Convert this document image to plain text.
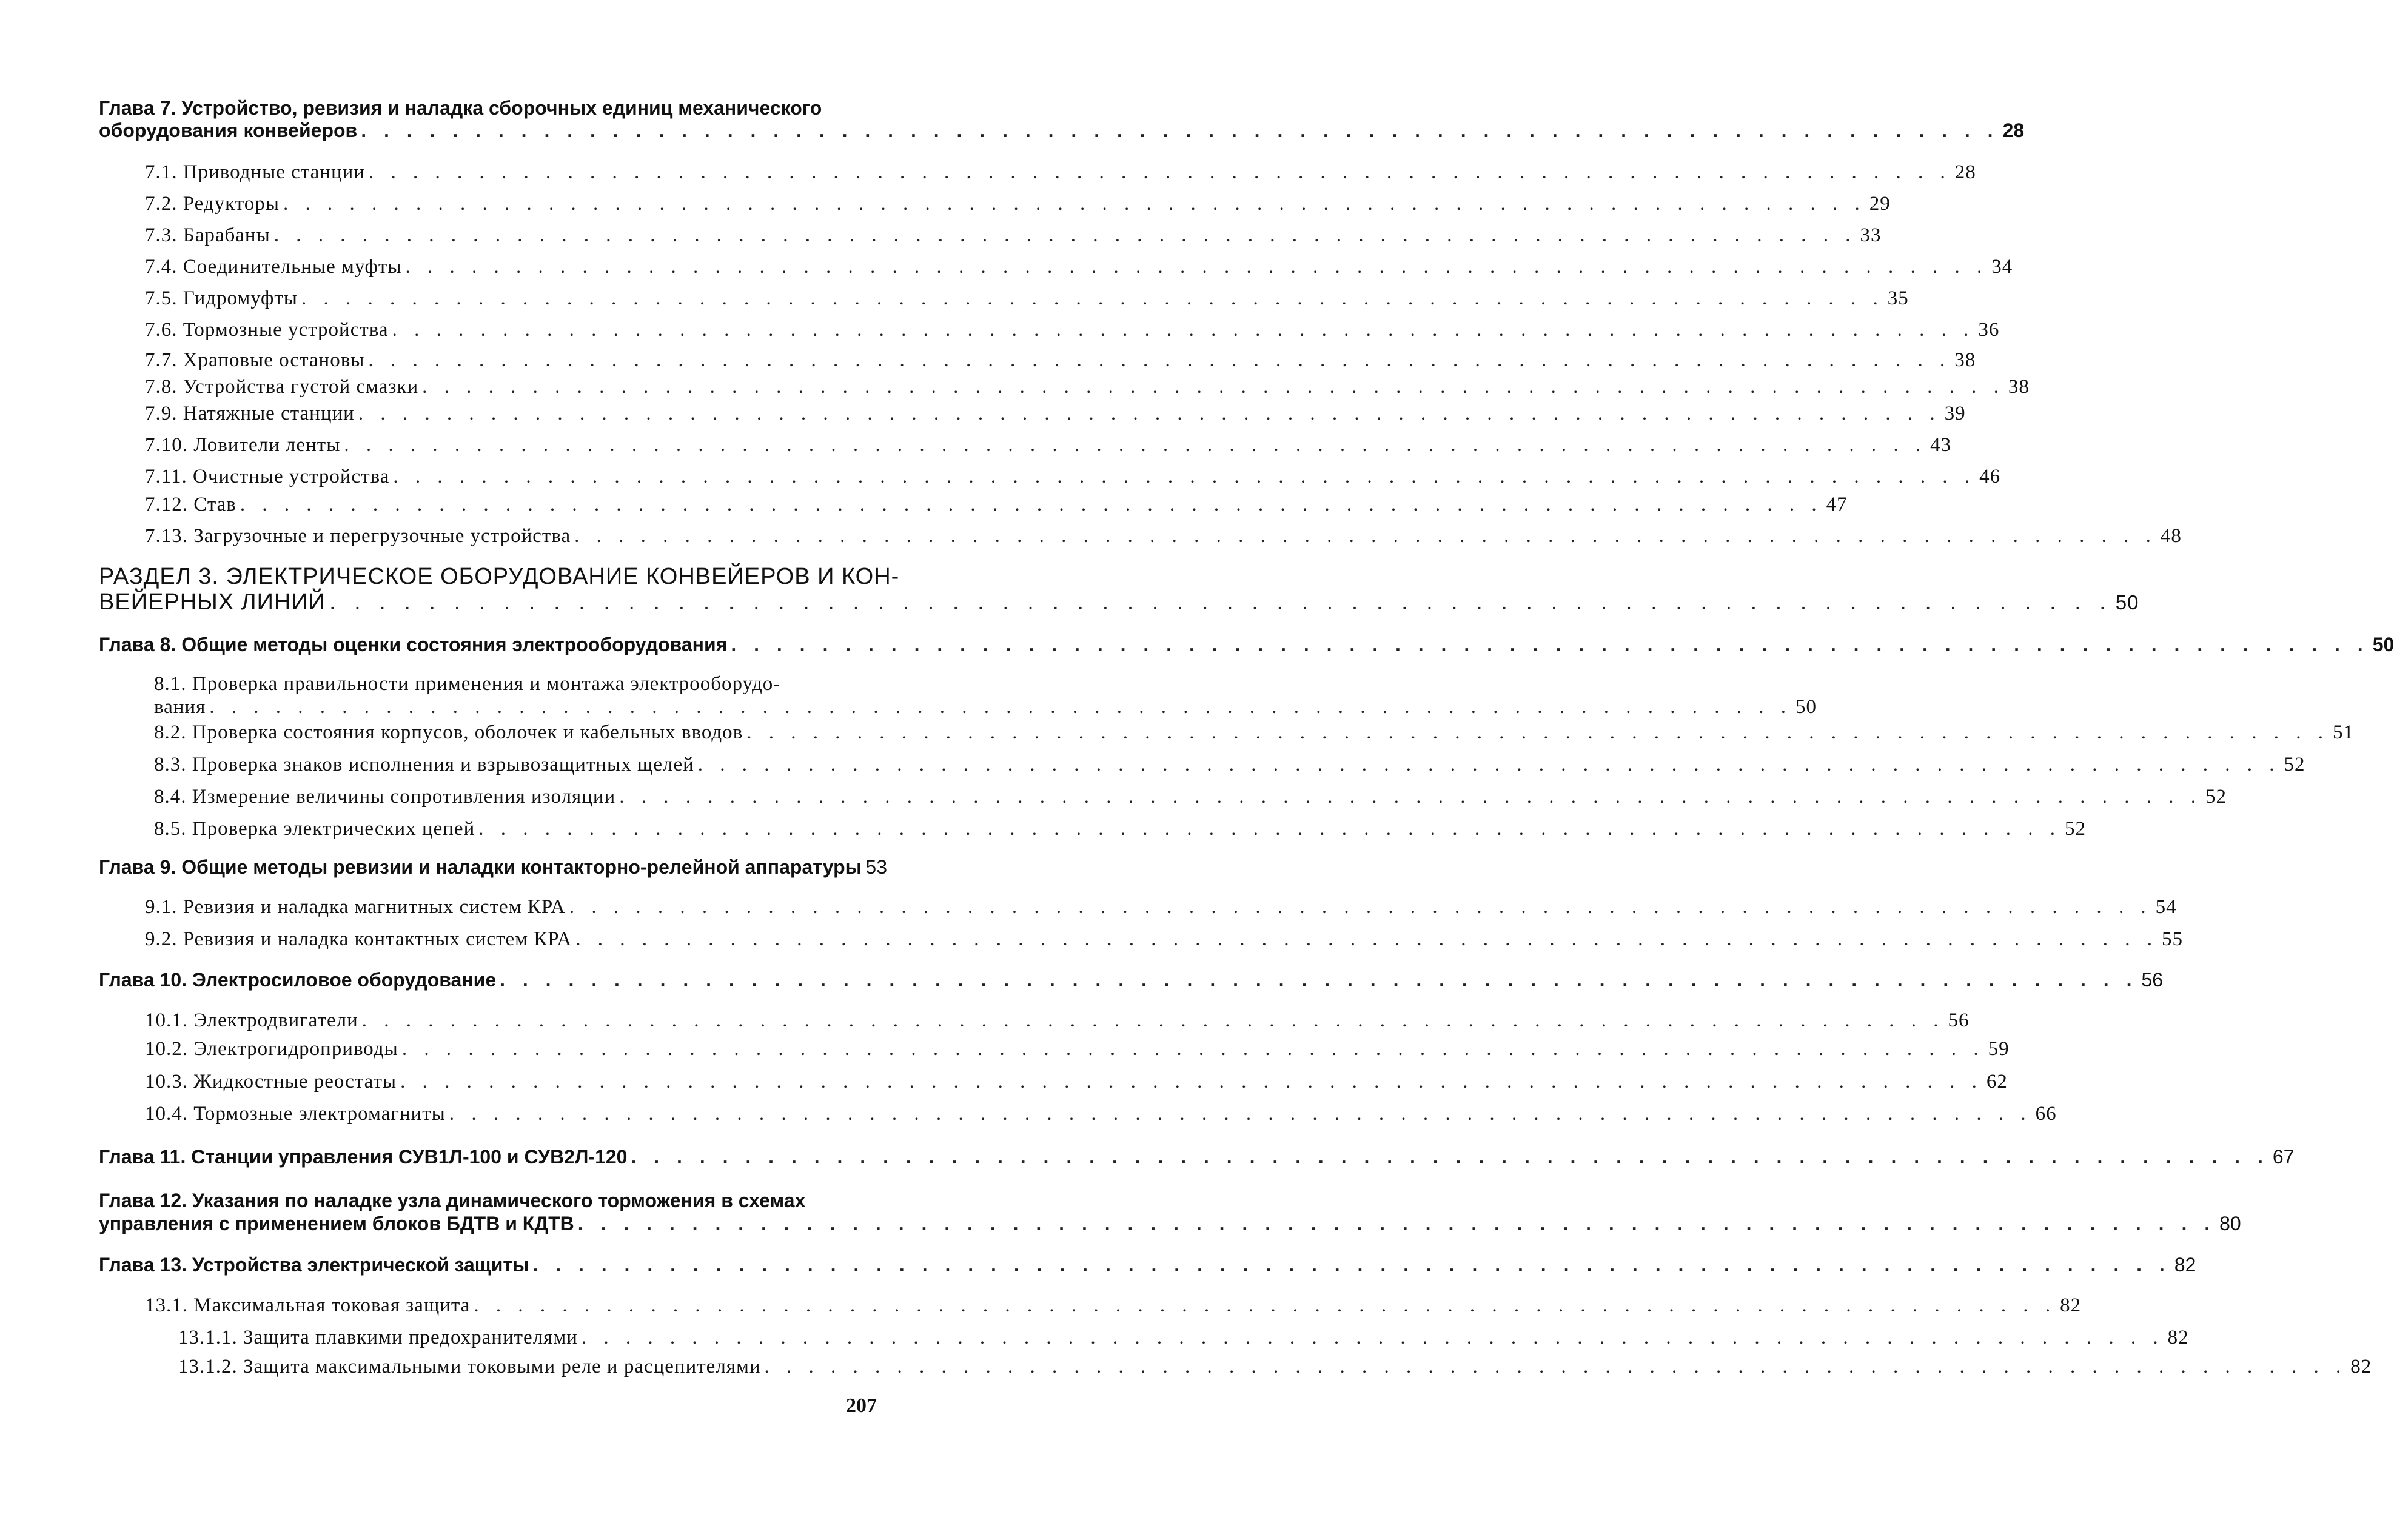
Глава 7. Устройство, ревизия и наладка сборочных единиц механического
оборудования конвейеров . . . . . . . . . . . . . . . . . . . . . . . . . . . . . . . . . . . . . . . . . . . . . . . . . . . . . . . . . . . . . . . . . . . . . . . . 28
7.1. Приводные станции . . . . . . . . . . . . . . . . . . . . . . . . . . . . . . . . . . . . . . . . . . . . . . . . . . . . . . . . . . . . . . . . . . . . . . . . 28
7.2. Редукторы . . . . . . . . . . . . . . . . . . . . . . . . . . . . . . . . . . . . . . . . . . . . . . . . . . . . . . . . . . . . . . . . . . . . . . . . 29
7.3. Барабаны . . . . . . . . . . . . . . . . . . . . . . . . . . . . . . . . . . . . . . . . . . . . . . . . . . . . . . . . . . . . . . . . . . . . . . . . 33
7.4. Соединительные муфты . . . . . . . . . . . . . . . . . . . . . . . . . . . . . . . . . . . . . . . . . . . . . . . . . . . . . . . . . . . . . . . . . . . . . . . . 34
7.5. Гидромуфты . . . . . . . . . . . . . . . . . . . . . . . . . . . . . . . . . . . . . . . . . . . . . . . . . . . . . . . . . . . . . . . . . . . . . . . . 35
7.6. Тормозные устройства . . . . . . . . . . . . . . . . . . . . . . . . . . . . . . . . . . . . . . . . . . . . . . . . . . . . . . . . . . . . . . . . . . . . . . . . 36
7.7. Храповые остановы . . . . . . . . . . . . . . . . . . . . . . . . . . . . . . . . . . . . . . . . . . . . . . . . . . . . . . . . . . . . . . . . . . . . . . . . 38
7.8. Устройства густой смазки . . . . . . . . . . . . . . . . . . . . . . . . . . . . . . . . . . . . . . . . . . . . . . . . . . . . . . . . . . . . . . . . . . . . . . . . 38
7.9. Натяжные станции . . . . . . . . . . . . . . . . . . . . . . . . . . . . . . . . . . . . . . . . . . . . . . . . . . . . . . . . . . . . . . . . . . . . . . . . 39
7.10. Ловители ленты . . . . . . . . . . . . . . . . . . . . . . . . . . . . . . . . . . . . . . . . . . . . . . . . . . . . . . . . . . . . . . . . . . . . . . . . 43
7.11. Очистные устройства . . . . . . . . . . . . . . . . . . . . . . . . . . . . . . . . . . . . . . . . . . . . . . . . . . . . . . . . . . . . . . . . . . . . . . . . 46
7.12. Став . . . . . . . . . . . . . . . . . . . . . . . . . . . . . . . . . . . . . . . . . . . . . . . . . . . . . . . . . . . . . . . . . . . . . . . . 47
7.13. Загрузочные и перегрузочные устройства . . . . . . . . . . . . . . . . . . . . . . . . . . . . . . . . . . . . . . . . . . . . . . . . . . . . . . . . . . . . . . . . . . . . . . . . 48
РАЗДЕЛ 3. ЭЛЕКТРИЧЕСКОЕ ОБОРУДОВАНИЕ КОНВЕЙЕРОВ И КОН-
ВЕЙЕРНЫХ ЛИНИЙ . . . . . . . . . . . . . . . . . . . . . . . . . . . . . . . . . . . . . . . . . . . . . . . . . . . . . . . . . . . . . . . . . . . . . . . . 50
Глава 8. Общие методы оценки состояния электрооборудования . . . . . . . . . . . . . . . . . . . . . . . . . . . . . . . . . . . . . . . . . . . . . . . . . . . . . . . . . . . . . . . . . . . . . . . . 50
8.1. Проверка правильности применения и монтажа электрооборудо-
вания . . . . . . . . . . . . . . . . . . . . . . . . . . . . . . . . . . . . . . . . . . . . . . . . . . . . . . . . . . . . . . . . . . . . . . . . 50
8.2. Проверка состояния корпусов, оболочек и кабельных вводов . . . . . . . . . . . . . . . . . . . . . . . . . . . . . . . . . . . . . . . . . . . . . . . . . . . . . . . . . . . . . . . . . . . . . . . . 51
8.3. Проверка знаков исполнения и взрывозащитных щелей . . . . . . . . . . . . . . . . . . . . . . . . . . . . . . . . . . . . . . . . . . . . . . . . . . . . . . . . . . . . . . . . . . . . . . . . 52
8.4. Измерение величины сопротивления изоляции . . . . . . . . . . . . . . . . . . . . . . . . . . . . . . . . . . . . . . . . . . . . . . . . . . . . . . . . . . . . . . . . . . . . . . . . 52
8.5. Проверка электрических цепей . . . . . . . . . . . . . . . . . . . . . . . . . . . . . . . . . . . . . . . . . . . . . . . . . . . . . . . . . . . . . . . . . . . . . . . . 52
Глава 9. Общие методы ревизии и наладки контакторно-релейной аппаратуры 53
9.1. Ревизия и наладка магнитных систем КРА . . . . . . . . . . . . . . . . . . . . . . . . . . . . . . . . . . . . . . . . . . . . . . . . . . . . . . . . . . . . . . . . . . . . . . . . 54
9.2. Ревизия и наладка контактных систем КРА . . . . . . . . . . . . . . . . . . . . . . . . . . . . . . . . . . . . . . . . . . . . . . . . . . . . . . . . . . . . . . . . . . . . . . . . 55
Глава 10. Электросиловое оборудование . . . . . . . . . . . . . . . . . . . . . . . . . . . . . . . . . . . . . . . . . . . . . . . . . . . . . . . . . . . . . . . . . . . . . . . . 56
10.1. Электродвигатели . . . . . . . . . . . . . . . . . . . . . . . . . . . . . . . . . . . . . . . . . . . . . . . . . . . . . . . . . . . . . . . . . . . . . . . . 56
10.2. Электрогидроприводы . . . . . . . . . . . . . . . . . . . . . . . . . . . . . . . . . . . . . . . . . . . . . . . . . . . . . . . . . . . . . . . . . . . . . . . . 59
10.3. Жидкостные реостаты . . . . . . . . . . . . . . . . . . . . . . . . . . . . . . . . . . . . . . . . . . . . . . . . . . . . . . . . . . . . . . . . . . . . . . . . 62
10.4. Тормозные электромагниты . . . . . . . . . . . . . . . . . . . . . . . . . . . . . . . . . . . . . . . . . . . . . . . . . . . . . . . . . . . . . . . . . . . . . . . . 66
Глава 11. Станции управления СУВ1Л-100 и СУВ2Л-120 . . . . . . . . . . . . . . . . . . . . . . . . . . . . . . . . . . . . . . . . . . . . . . . . . . . . . . . . . . . . . . . . . . . . . . . . 67
Глава 12. Указания по наладке узла динамического торможения в схемах
управления с применением блоков БДТВ и КДТВ . . . . . . . . . . . . . . . . . . . . . . . . . . . . . . . . . . . . . . . . . . . . . . . . . . . . . . . . . . . . . . . . . . . . . . . . 80
Глава 13. Устройства электрической защиты . . . . . . . . . . . . . . . . . . . . . . . . . . . . . . . . . . . . . . . . . . . . . . . . . . . . . . . . . . . . . . . . . . . . . . . . 82
13.1. Максимальная токовая защита . . . . . . . . . . . . . . . . . . . . . . . . . . . . . . . . . . . . . . . . . . . . . . . . . . . . . . . . . . . . . . . . . . . . . . . . 82
13.1.1. Защита плавкими предохранителями . . . . . . . . . . . . . . . . . . . . . . . . . . . . . . . . . . . . . . . . . . . . . . . . . . . . . . . . . . . . . . . . . . . . . . . . 82
13.1.2. Защита максимальными токовыми реле и расцепителями . . . . . . . . . . . . . . . . . . . . . . . . . . . . . . . . . . . . . . . . . . . . . . . . . . . . . . . . . . . . . . . . . . . . . . . . 82
207
